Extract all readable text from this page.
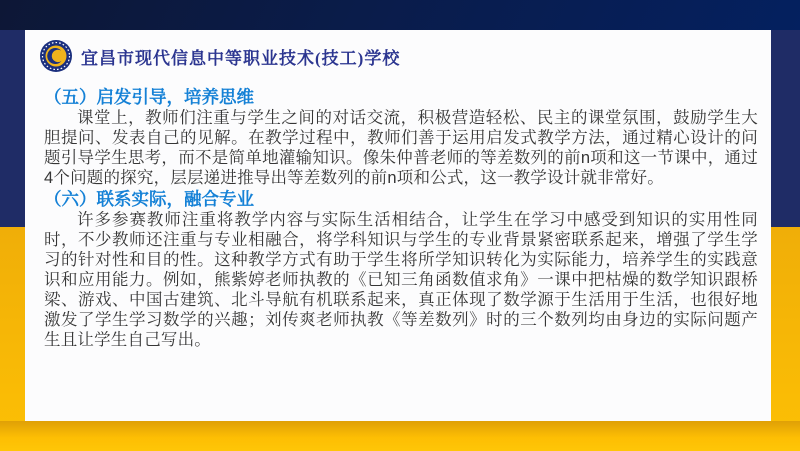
宜昌市现代信息中等职业技术(技工)学校
（五）启发引导，培养思维

课堂上，教师们注重与学生之间的对话交流，积极营造轻松、民主的课堂氛围，鼓励学生大胆提问、发表自己的见解。在教学过程中，教师们善于运用启发式教学方法，通过精心设计的问题引导学生思考，而不是简单地灌输知识。像朱仲普老师的等差数列的前n项和这一节课中，通过4个问题的探究，层层递进推导出等差数列的前n项和公式，这一教学设计就非常好。

（六）联系实际，融合专业

许多参赛教师注重将教学内容与实际生活相结合，让学生在学习中感受到知识的实用性同时，不少教师还注重与专业相融合，将学科知识与学生的专业背景紧密联系起来，增强了学生学习的针对性和目的性。这种教学方式有助于学生将所学知识转化为实际能力，培养学生的实践意识和应用能力。例如，熊紫婷老师执教的《已知三角函数值求角》一课中把枯燥的数学知识跟桥梁、游戏、中国古建筑、北斗导航有机联系起来，真正体现了数学源于生活用于生活，也很好地激发了学生学习数学的兴趣；刘传爽老师执教《等差数列》时的三个数列均由身边的实际问题产生且让学生自己写出。
